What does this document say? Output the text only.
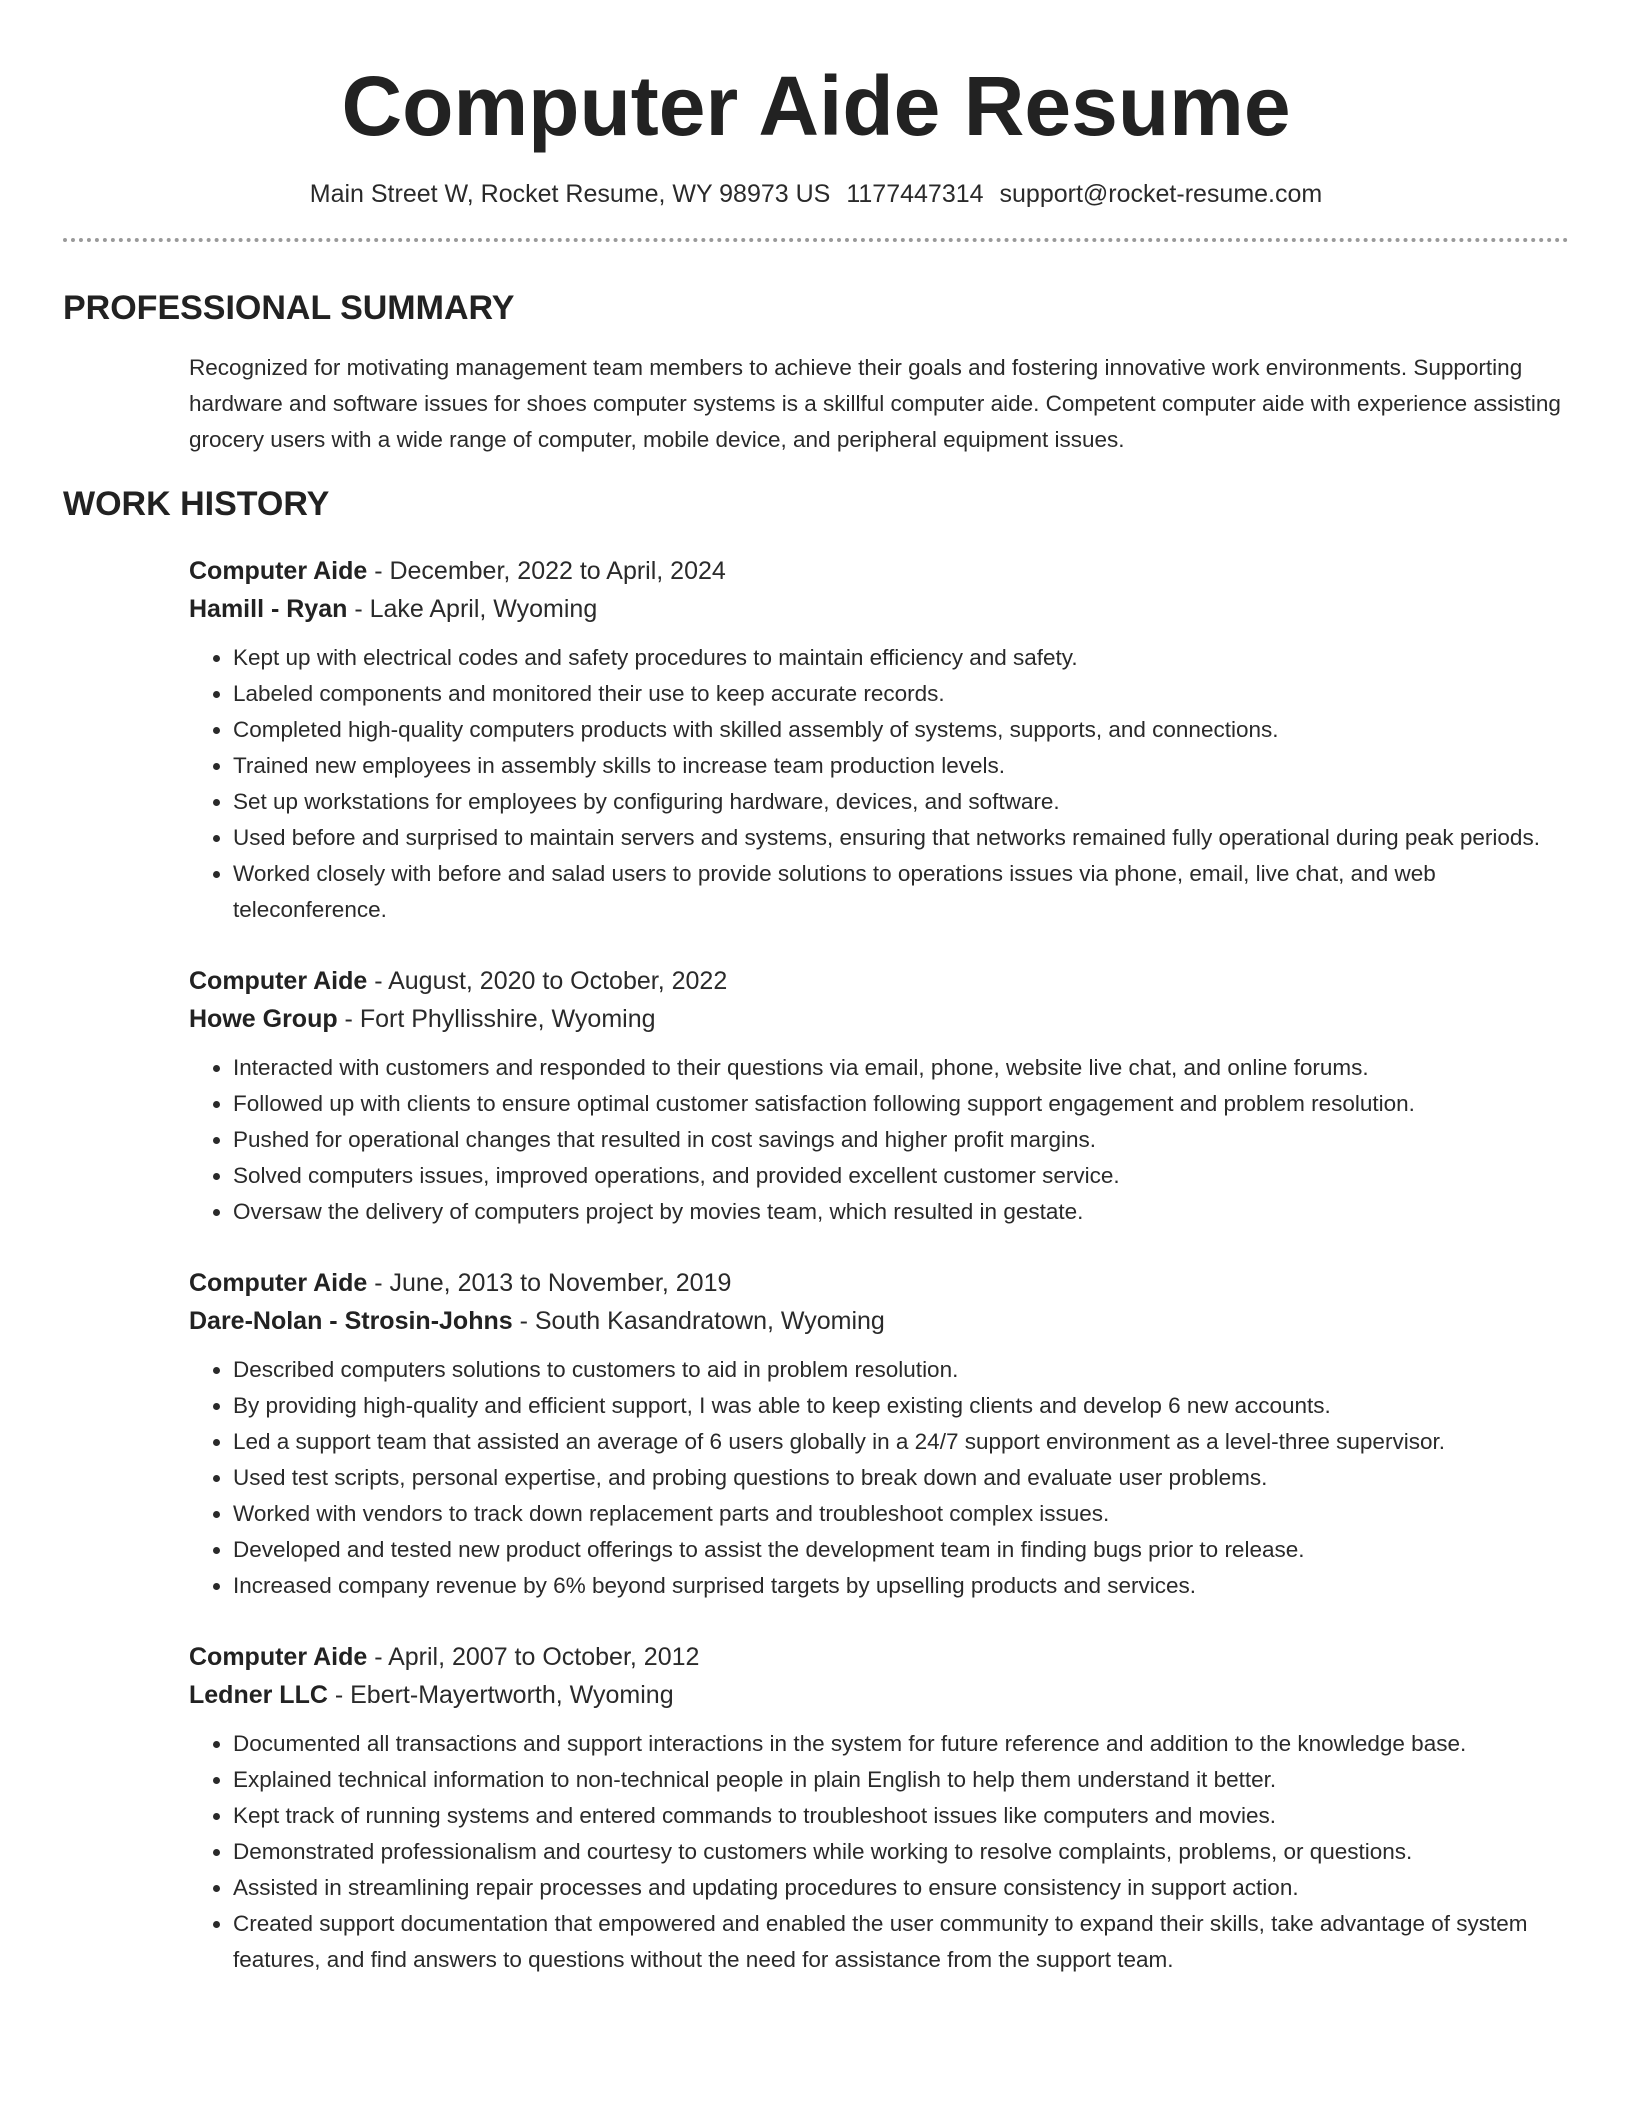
Computer Aide Resume
Main Street W, Rocket Resume, WY 98973 US 1177447314 support@rocket-resume.com
PROFESSIONAL SUMMARY

Recognized for motivating management team members to achieve their goals and fostering innovative work environments. Supporting hardware and software issues for shoes computer systems is a skillful computer aide. Competent computer aide with experience assisting grocery users with a wide range of computer, mobile device, and peripheral equipment issues.

WORK HISTORY
Computer Aide - December, 2022 to April, 2024
Hamill - Ryan - Lake April, Wyoming
• Kept up with electrical codes and safety procedures to maintain efficiency and safety.
• Labeled components and monitored their use to keep accurate records.
• Completed high-quality computers products with skilled assembly of systems, supports, and connections.
• Trained new employees in assembly skills to increase team production levels.
• Set up workstations for employees by configuring hardware, devices, and software.
• Used before and surprised to maintain servers and systems, ensuring that networks remained fully operational during peak periods.
• Worked closely with before and salad users to provide solutions to operations issues via phone, email, live chat, and web teleconference.
Computer Aide - August, 2020 to October, 2022
Howe Group - Fort Phyllisshire, Wyoming
• Interacted with customers and responded to their questions via email, phone, website live chat, and online forums.
• Followed up with clients to ensure optimal customer satisfaction following support engagement and problem resolution.
• Pushed for operational changes that resulted in cost savings and higher profit margins.
• Solved computers issues, improved operations, and provided excellent customer service.
• Oversaw the delivery of computers project by movies team, which resulted in gestate.
Computer Aide - June, 2013 to November, 2019
Dare-Nolan - Strosin-Johns - South Kasandratown, Wyoming
• Described computers solutions to customers to aid in problem resolution.
• By providing high-quality and efficient support, I was able to keep existing clients and develop 6 new accounts.
• Led a support team that assisted an average of 6 users globally in a 24/7 support environment as a level-three supervisor.
• Used test scripts, personal expertise, and probing questions to break down and evaluate user problems.
• Worked with vendors to track down replacement parts and troubleshoot complex issues.
• Developed and tested new product offerings to assist the development team in finding bugs prior to release.
• Increased company revenue by 6% beyond surprised targets by upselling products and services.
Computer Aide - April, 2007 to October, 2012
Ledner LLC - Ebert-Mayertworth, Wyoming
• Documented all transactions and support interactions in the system for future reference and addition to the knowledge base.
• Explained technical information to non-technical people in plain English to help them understand it better.
• Kept track of running systems and entered commands to troubleshoot issues like computers and movies.
• Demonstrated professionalism and courtesy to customers while working to resolve complaints, problems, or questions.
• Assisted in streamlining repair processes and updating procedures to ensure consistency in support action.
• Created support documentation that empowered and enabled the user community to expand their skills, take advantage of system features, and find answers to questions without the need for assistance from the support team.
